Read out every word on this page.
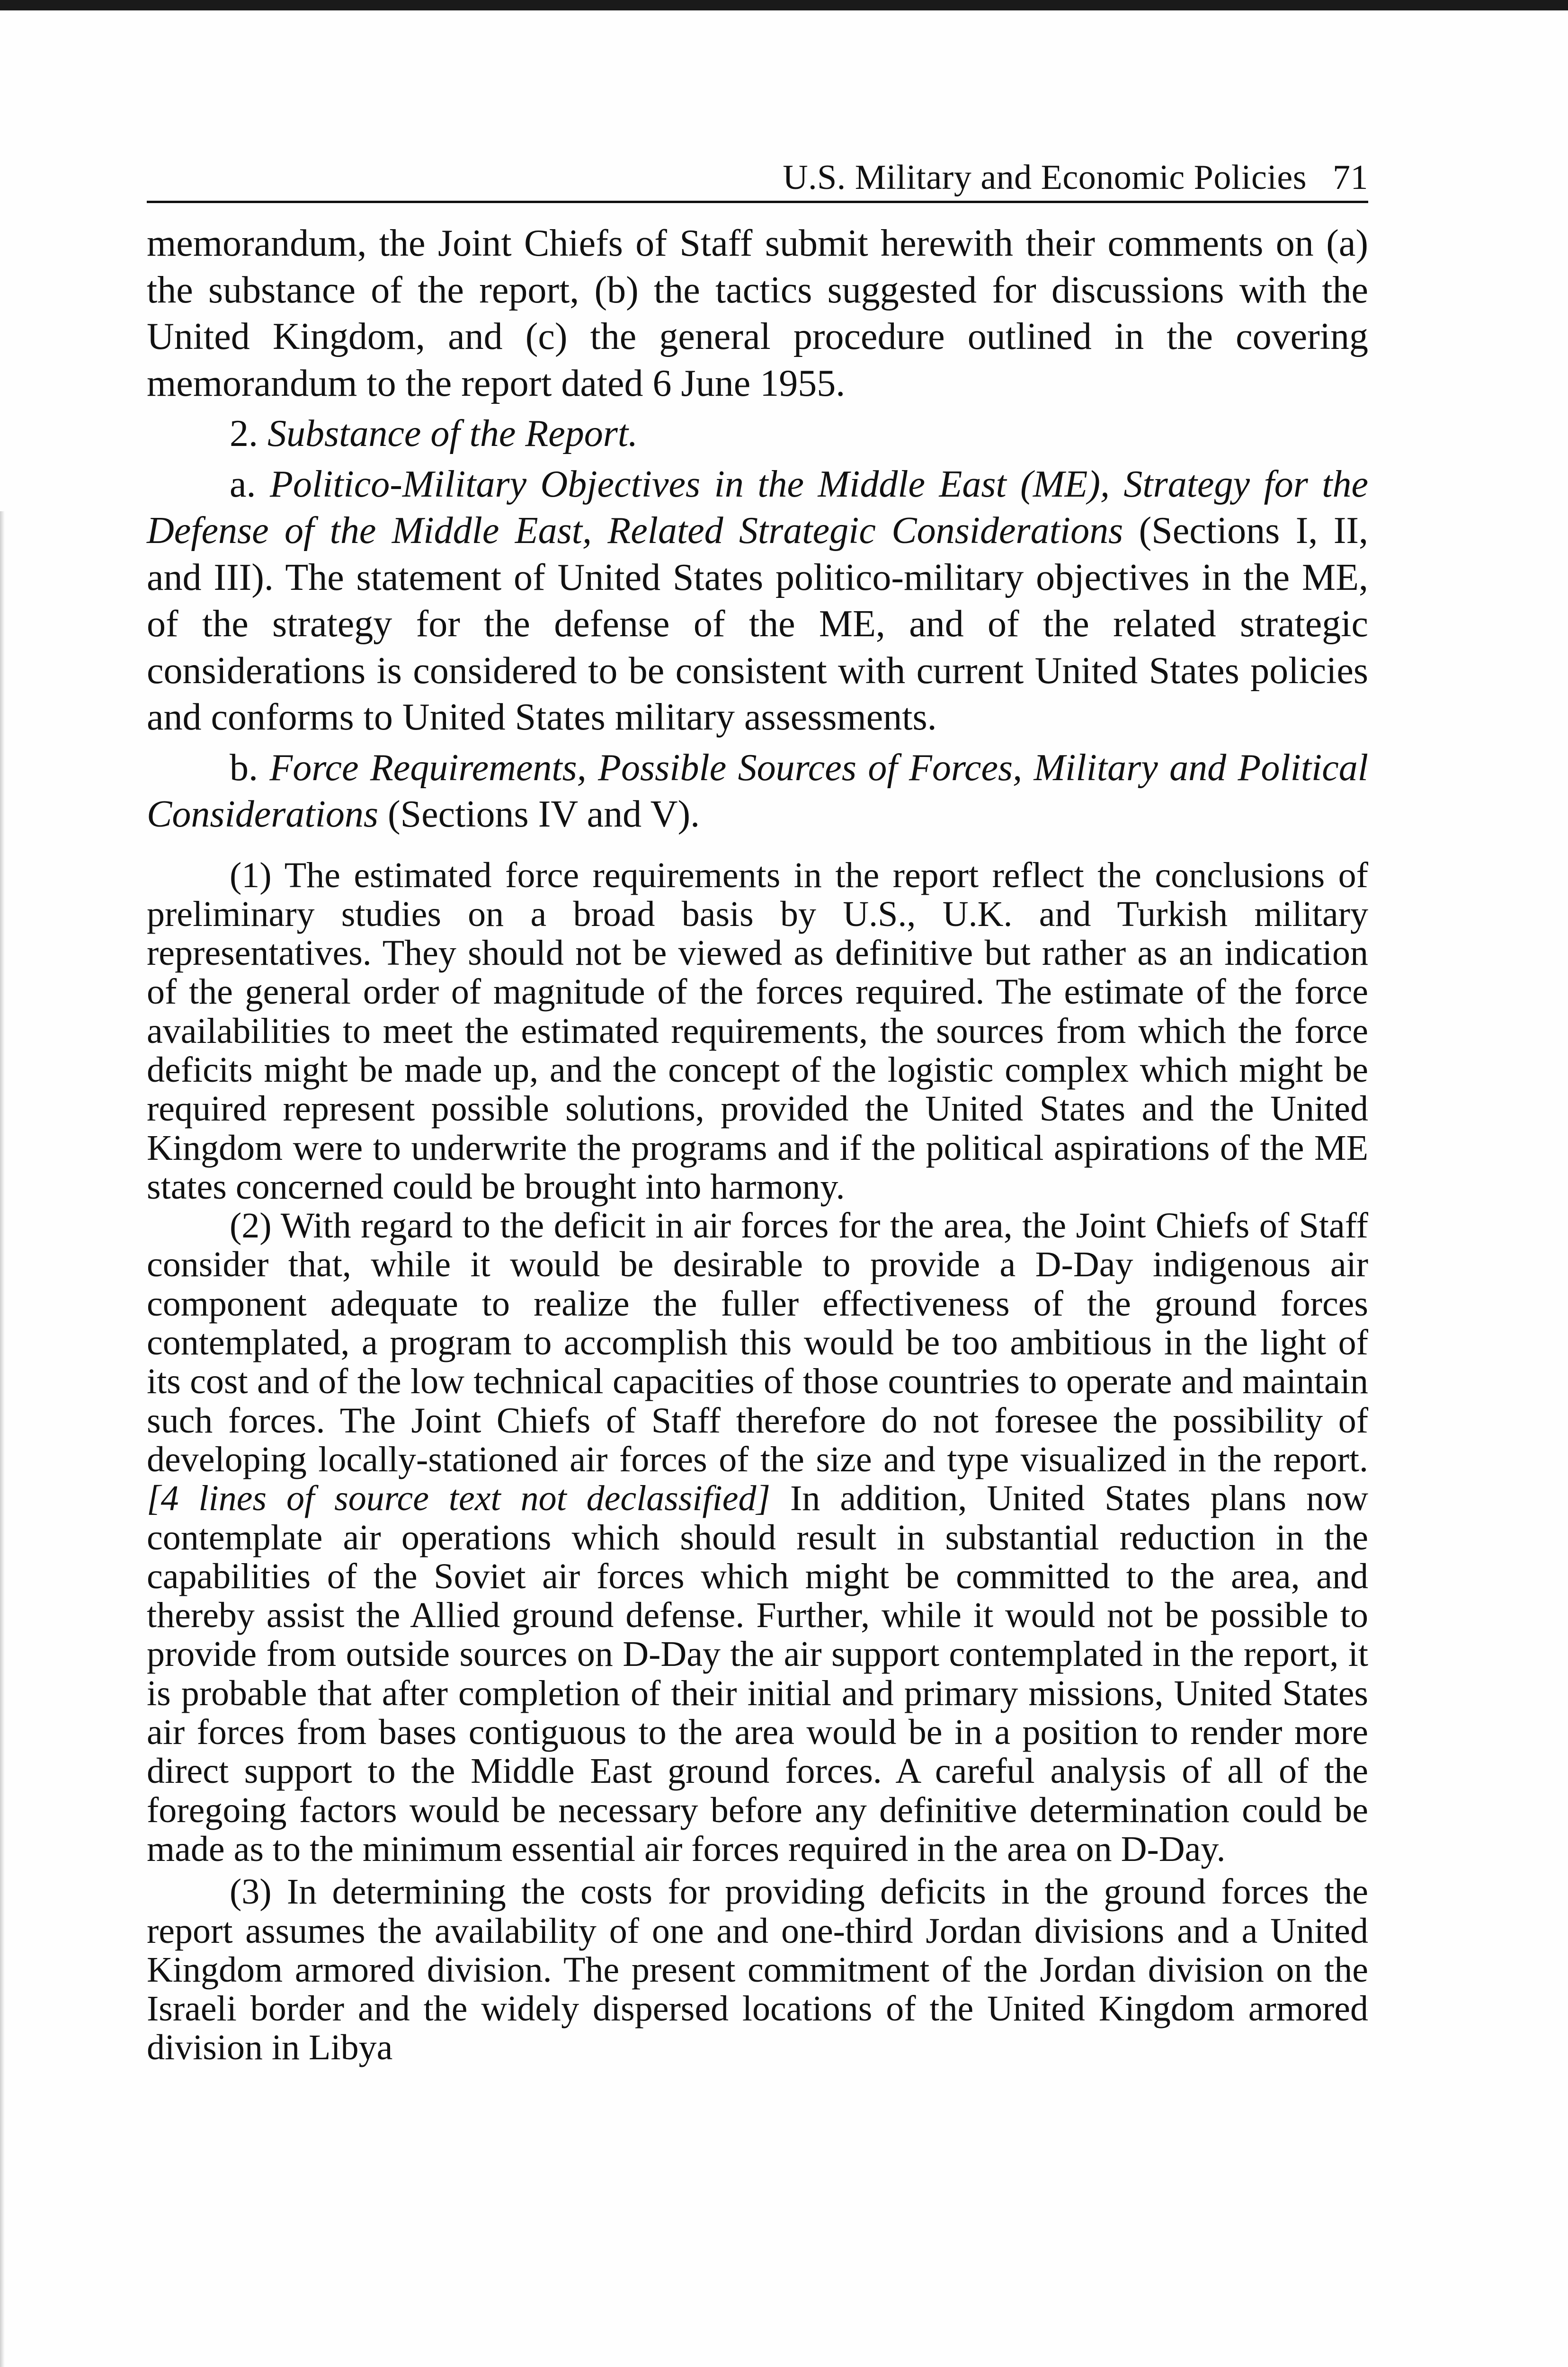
U.S. Military and Economic Policies 71

memorandum, the Joint Chiefs of Staff submit herewith their comments on (a) the substance of the report, (b) the tactics suggested for discussions with the United Kingdom, and (c) the general procedure outlined in the covering memorandum to the report dated 6 June 1955.

2. Substance of the Report.

a. Politico-Military Objectives in the Middle East (ME), Strategy for the Defense of the Middle East, Related Strategic Considerations (Sections I, II, and III). The statement of United States politico-military objectives in the ME, of the strategy for the defense of the ME, and of the related strategic considerations is considered to be consistent with current United States policies and conforms to United States military assessments.

b. Force Requirements, Possible Sources of Forces, Military and Political Considerations (Sections IV and V).

(1) The estimated force requirements in the report reflect the conclusions of preliminary studies on a broad basis by U.S., U.K. and Turkish military representatives. They should not be viewed as definitive but rather as an indication of the general order of magnitude of the forces required. The estimate of the force availabilities to meet the estimated requirements, the sources from which the force deficits might be made up, and the concept of the logistic complex which might be required represent possible solutions, provided the United States and the United Kingdom were to underwrite the programs and if the political aspirations of the ME states concerned could be brought into harmony.

(2) With regard to the deficit in air forces for the area, the Joint Chiefs of Staff consider that, while it would be desirable to provide a D-Day indigenous air component adequate to realize the fuller effectiveness of the ground forces contemplated, a program to accomplish this would be too ambitious in the light of its cost and of the low technical capacities of those countries to operate and maintain such forces. The Joint Chiefs of Staff therefore do not foresee the possibility of developing locally-stationed air forces of the size and type visualized in the report. [4 lines of source text not declassified] In addition, United States plans now contemplate air operations which should result in substantial reduction in the capabilities of the Soviet air forces which might be committed to the area, and thereby assist the Allied ground defense. Further, while it would not be possible to provide from outside sources on D-Day the air support contemplated in the report, it is probable that after completion of their initial and primary missions, United States air forces from bases contiguous to the area would be in a position to render more direct support to the Middle East ground forces. A careful analysis of all of the foregoing factors would be necessary before any definitive determination could be made as to the minimum essential air forces required in the area on D-Day.

(3) In determining the costs for providing deficits in the ground forces the report assumes the availability of one and one-third Jordan divisions and a United Kingdom armored division. The present commitment of the Jordan division on the Israeli border and the widely dispersed locations of the United Kingdom armored division in Libya
